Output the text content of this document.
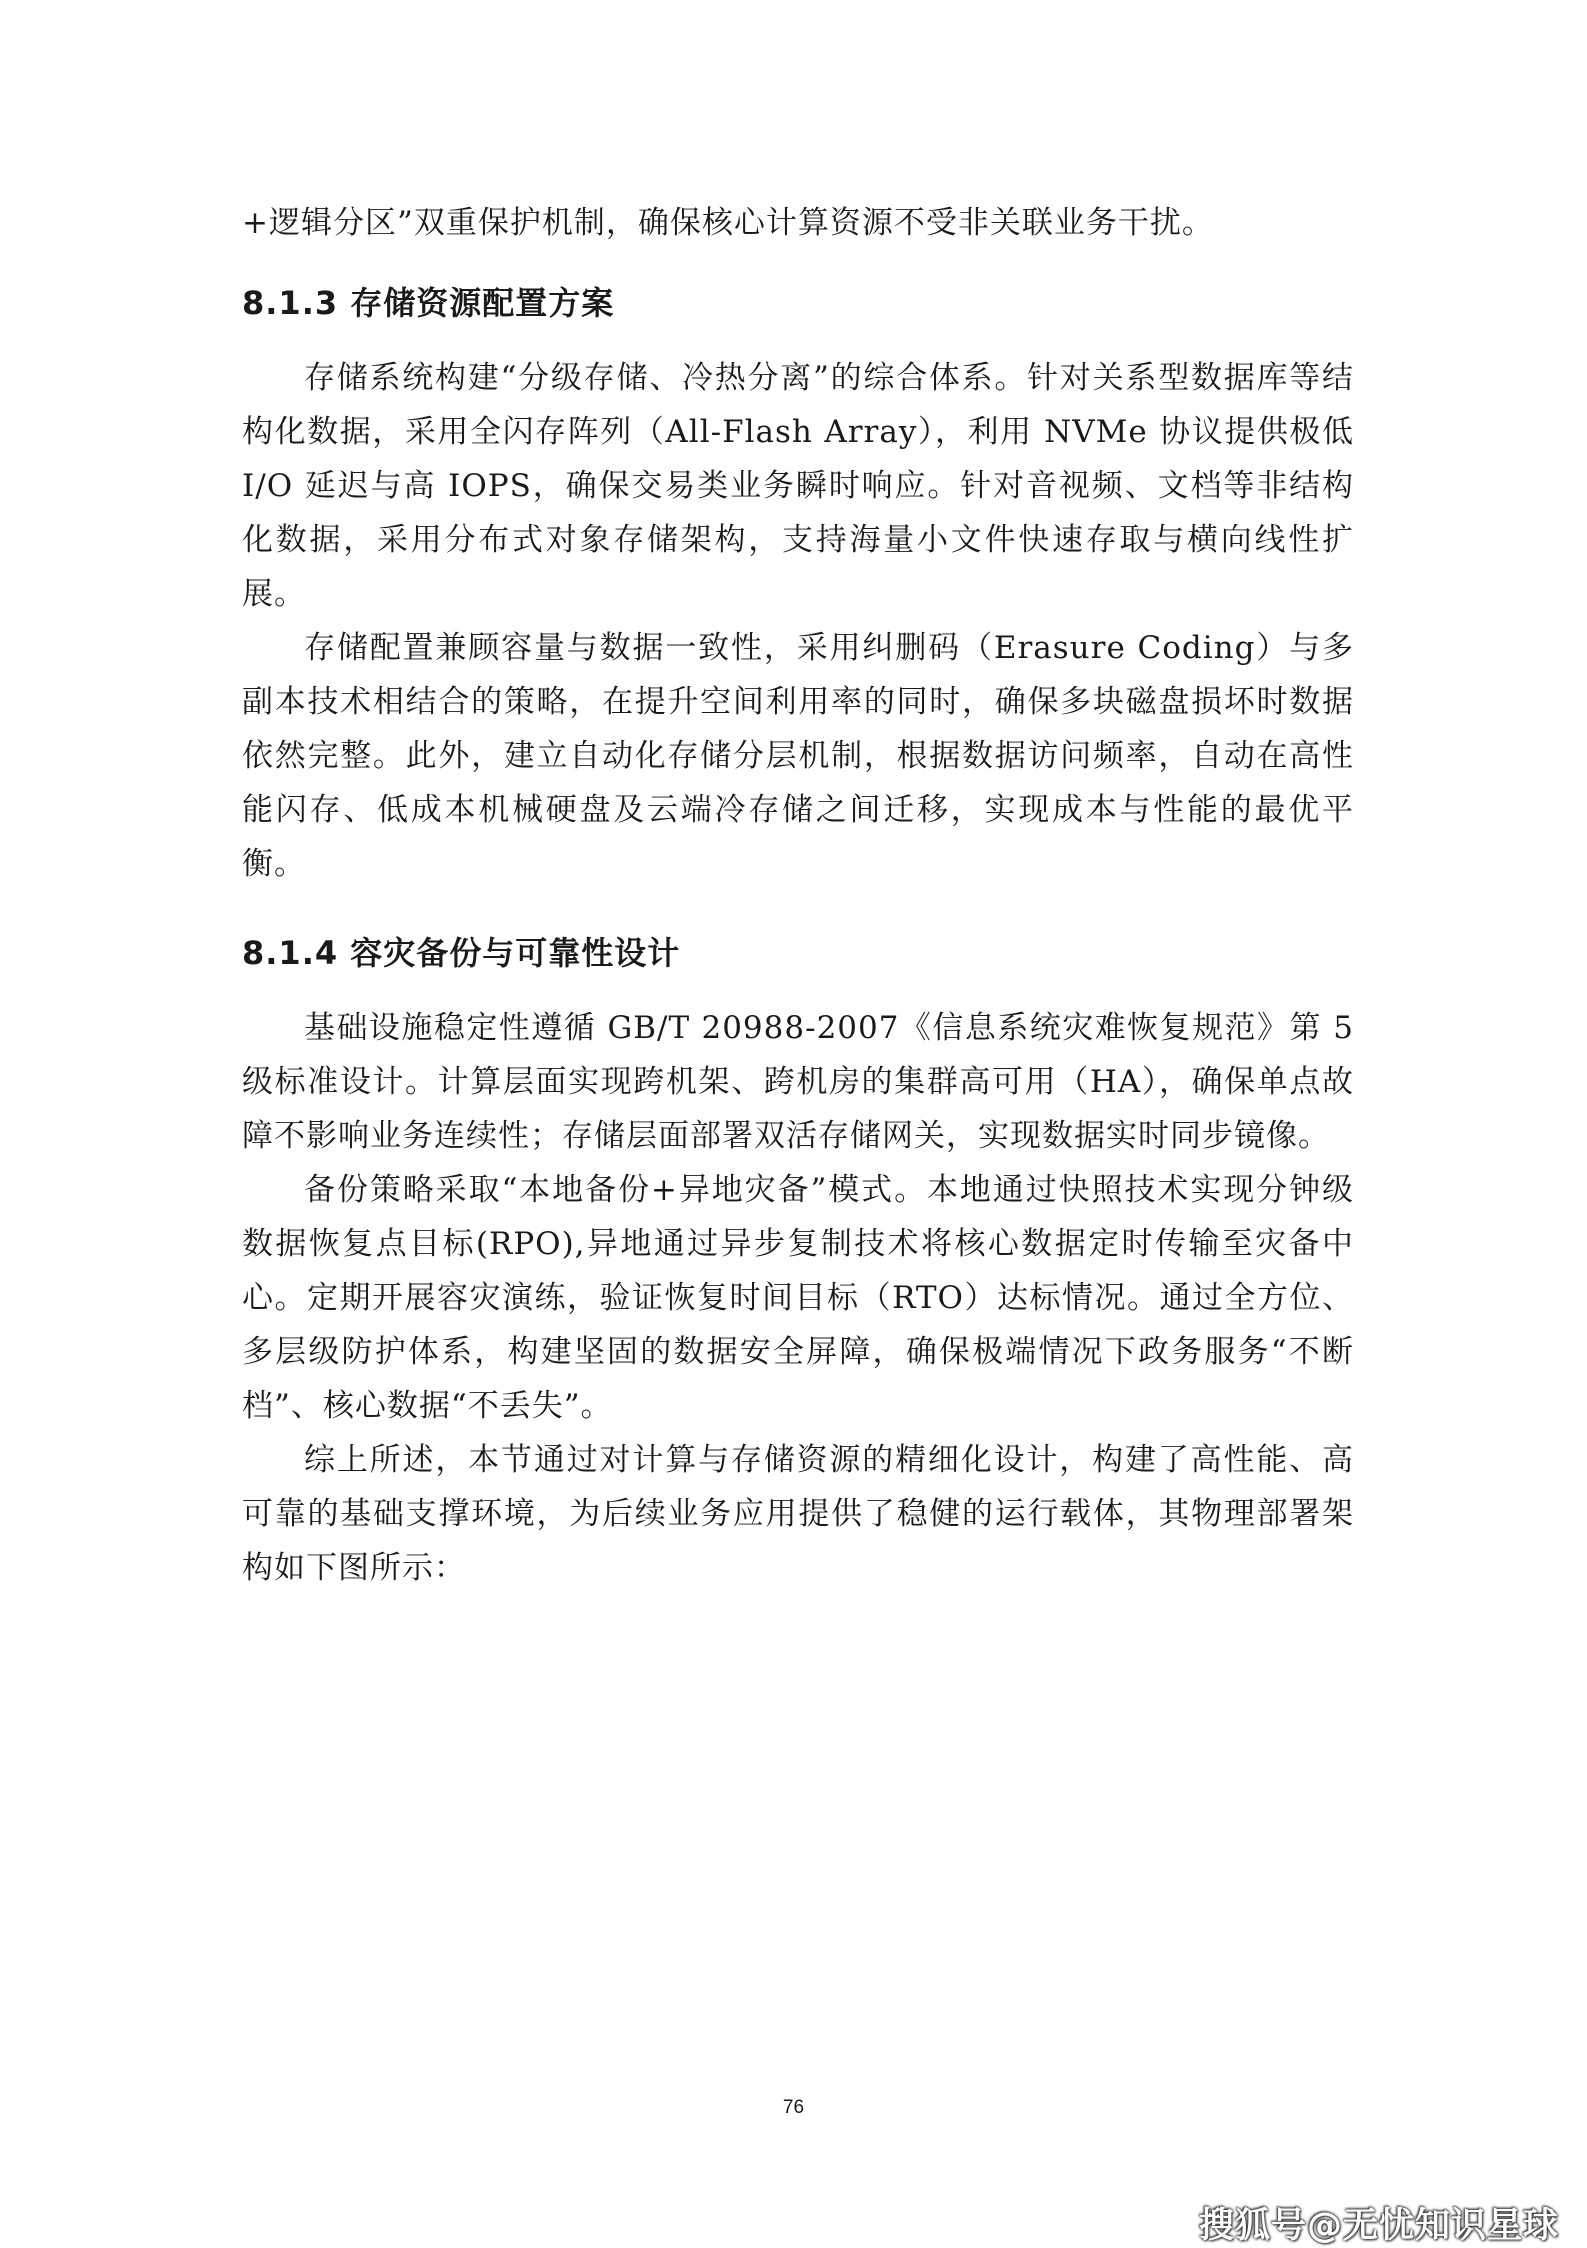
+逻辑分区”双重保护机制，确保核心计算资源不受非关联业务干扰。

8.1.3 存储资源配置方案

存储系统构建“分级存储、冷热分离”的综合体系。针对关系型数据库等结构化数据，采用全闪存阵列（All-Flash Array），利用 NVMe 协议提供极低 I/O 延迟与高 IOPS，确保交易类业务瞬时响应。针对音视频、文档等非结构化数据，采用分布式对象存储架构，支持海量小文件快速存取与横向线性扩展。

存储配置兼顾容量与数据一致性，采用纠删码（Erasure Coding）与多副本技术相结合的策略，在提升空间利用率的同时，确保多块磁盘损坏时数据依然完整。此外，建立自动化存储分层机制，根据数据访问频率，自动在高性能闪存、低成本机械硬盘及云端冷存储之间迁移，实现成本与性能的最优平衡。

8.1.4 容灾备份与可靠性设计

基础设施稳定性遵循 GB/T 20988-2007《信息系统灾难恢复规范》第 5 级标准设计。计算层面实现跨机架、跨机房的集群高可用（HA），确保单点故障不影响业务连续性；存储层面部署双活存储网关，实现数据实时同步镜像。

备份策略采取“本地备份+异地灾备”模式。本地通过快照技术实现分钟级数据恢复点目标(RPO),异地通过异步复制技术将核心数据定时传输至灾备中心。定期开展容灾演练，验证恢复时间目标（RTO）达标情况。通过全方位、多层级防护体系，构建坚固的数据安全屏障，确保极端情况下政务服务“不断档”、核心数据“不丢失”。

综上所述，本节通过对计算与存储资源的精细化设计，构建了高性能、高可靠的基础支撑环境，为后续业务应用提供了稳健的运行载体，其物理部署架构如下图所示：

76
搜狐号@无忧知识星球
